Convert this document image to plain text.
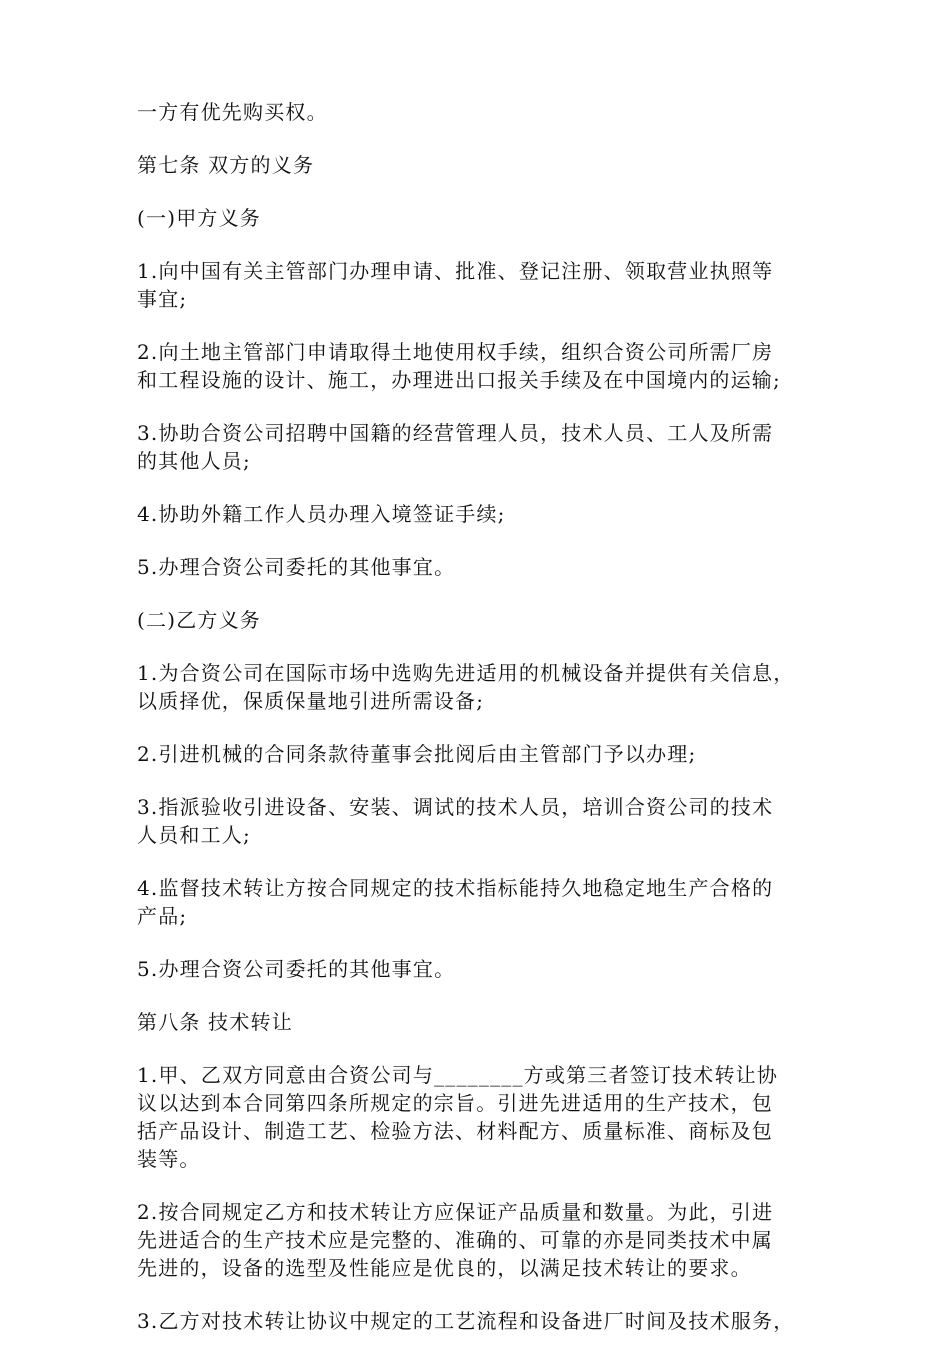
一方有优先购买权。

第七条 双方的义务

(一)甲方义务

1.向中国有关主管部门办理申请、批准、登记注册、领取营业执照等
事宜;

2.向土地主管部门申请取得土地使用权手续，组织合资公司所需厂房
和工程设施的设计、施工，办理进出口报关手续及在中国境内的运输;

3.协助合资公司招聘中国籍的经营管理人员，技术人员、工人及所需
的其他人员;

4.协助外籍工作人员办理入境签证手续;

5.办理合资公司委托的其他事宜。

(二)乙方义务

1.为合资公司在国际市场中选购先进适用的机械设备并提供有关信息，
以质择优，保质保量地引进所需设备;

2.引进机械的合同条款待董事会批阅后由主管部门予以办理;

3.指派验收引进设备、安装、调试的技术人员，培训合资公司的技术
人员和工人;

4.监督技术转让方按合同规定的技术指标能持久地稳定地生产合格的
产品;

5.办理合资公司委托的其他事宜。

第八条 技术转让

1.甲、乙双方同意由合资公司与________方或第三者签订技术转让协
议以达到本合同第四条所规定的宗旨。引进先进适用的生产技术，包
括产品设计、制造工艺、检验方法、材料配方、质量标准、商标及包
装等。

2.按合同规定乙方和技术转让方应保证产品质量和数量。为此，引进
先进适合的生产技术应是完整的、准确的、可靠的亦是同类技术中属
先进的，设备的选型及性能应是优良的，以满足技术转让的要求。

3.乙方对技术转让协议中规定的工艺流程和设备进厂时间及技术服务，
